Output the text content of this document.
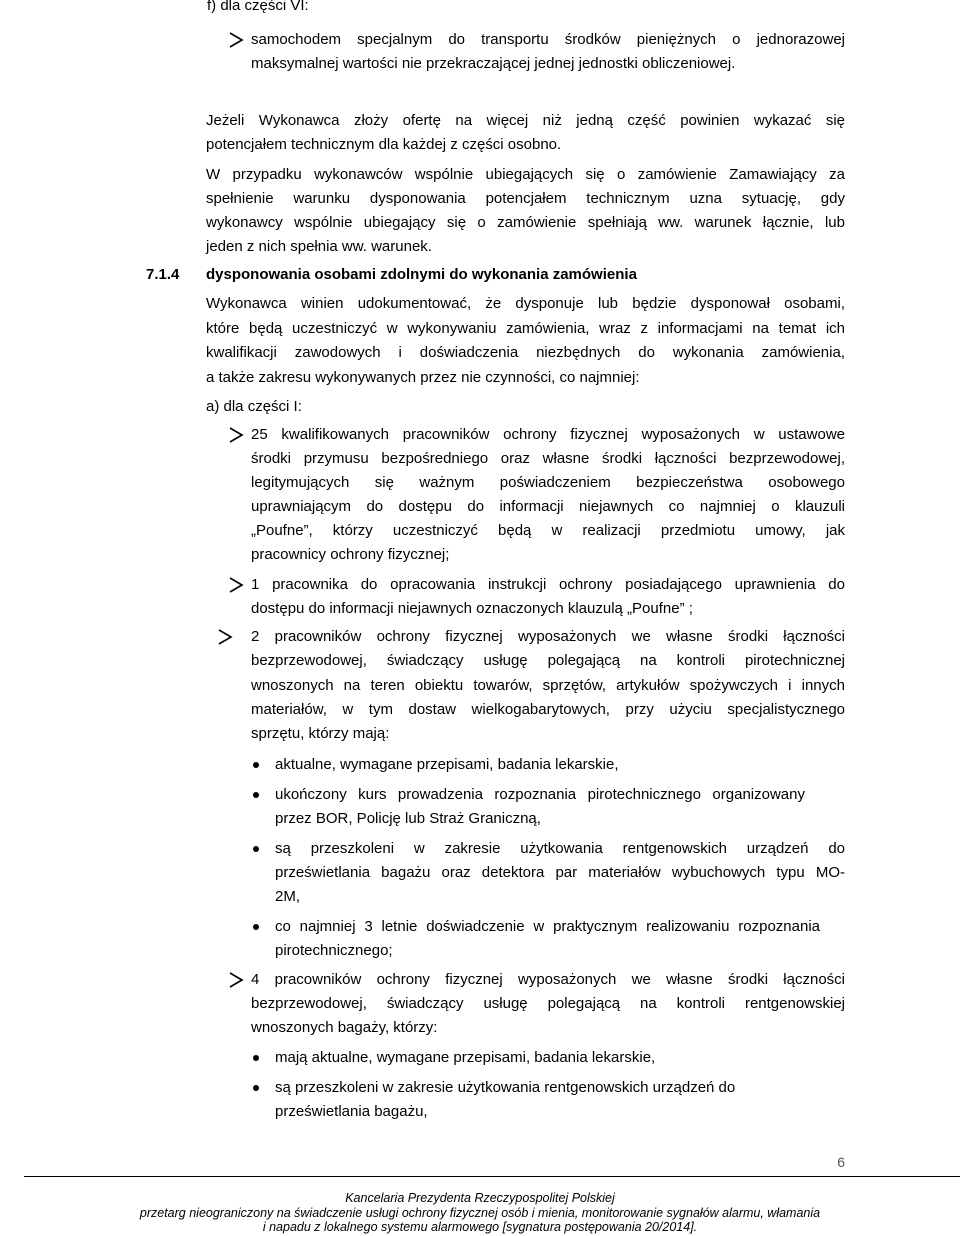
f) dla części VI:
samochodem specjalnym do transportu środków pieniężnych o jednorazowej
maksymalnej wartości nie przekraczającej jednej jednostki obliczeniowej.
Jeżeli Wykonawca złoży ofertę na więcej niż jedną część powinien wykazać się
potencjałem technicznym dla każdej z części osobno.
W przypadku wykonawców wspólnie ubiegających się o zamówienie Zamawiający za
spełnienie warunku dysponowania potencjałem technicznym uzna sytuację, gdy
wykonawcy wspólnie ubiegający się o zamówienie spełniają ww. warunek łącznie, lub
jeden z nich spełnia ww. warunek.
7.1.4 dysponowania osobami zdolnymi do wykonania zamówienia
Wykonawca winien udokumentować, że dysponuje lub będzie dysponował osobami,
które będą uczestniczyć w wykonywaniu zamówienia, wraz z informacjami na temat ich
kwalifikacji zawodowych i doświadczenia niezbędnych do wykonania zamówienia,
a także zakresu wykonywanych przez nie czynności, co najmniej:
a) dla części I:
25 kwalifikowanych pracowników ochrony fizycznej wyposażonych w ustawowe
środki przymusu bezpośredniego oraz własne środki łączności bezprzewodowej,
legitymujących się ważnym poświadczeniem bezpieczeństwa osobowego
uprawniającym do dostępu do informacji niejawnych co najmniej o klauzuli
„Poufne”, którzy uczestniczyć będą w realizacji przedmiotu umowy, jak
pracownicy ochrony fizycznej;
1 pracownika do opracowania instrukcji ochrony posiadającego uprawnienia do
dostępu do informacji niejawnych oznaczonych klauzulą „Poufne” ;
2 pracowników ochrony fizycznej wyposażonych we własne środki łączności
bezprzewodowej, świadczący usługę polegającą na kontroli pirotechnicznej
wnoszonych na teren obiektu towarów, sprzętów, artykułów spożywczych i innych
materiałów, w tym dostaw wielkogabarytowych, przy użyciu specjalistycznego
sprzętu, którzy mają:
aktualne, wymagane przepisami, badania lekarskie,
ukończony kurs prowadzenia rozpoznania pirotechnicznego organizowany
przez BOR, Policję lub Straż Graniczną,
są przeszkoleni w zakresie użytkowania rentgenowskich urządzeń do
prześwietlania bagażu oraz detektora par materiałów wybuchowych typu MO-
2M,
co najmniej 3 letnie doświadczenie w praktycznym realizowaniu rozpoznania
pirotechnicznego;
4 pracowników ochrony fizycznej wyposażonych we własne środki łączności
bezprzewodowej, świadczący usługę polegającą na kontroli rentgenowskiej
wnoszonych bagaży, którzy:
mają aktualne, wymagane przepisami, badania lekarskie,
są przeszkoleni w zakresie użytkowania rentgenowskich urządzeń do
prześwietlania bagażu,
6
Kancelaria Prezydenta Rzeczypospolitej Polskiej
przetarg nieograniczony na świadczenie usługi ochrony fizycznej osób i mienia, monitorowanie sygnałów alarmu, włamania
i napadu z lokalnego systemu alarmowego [sygnatura postępowania 20/2014].
